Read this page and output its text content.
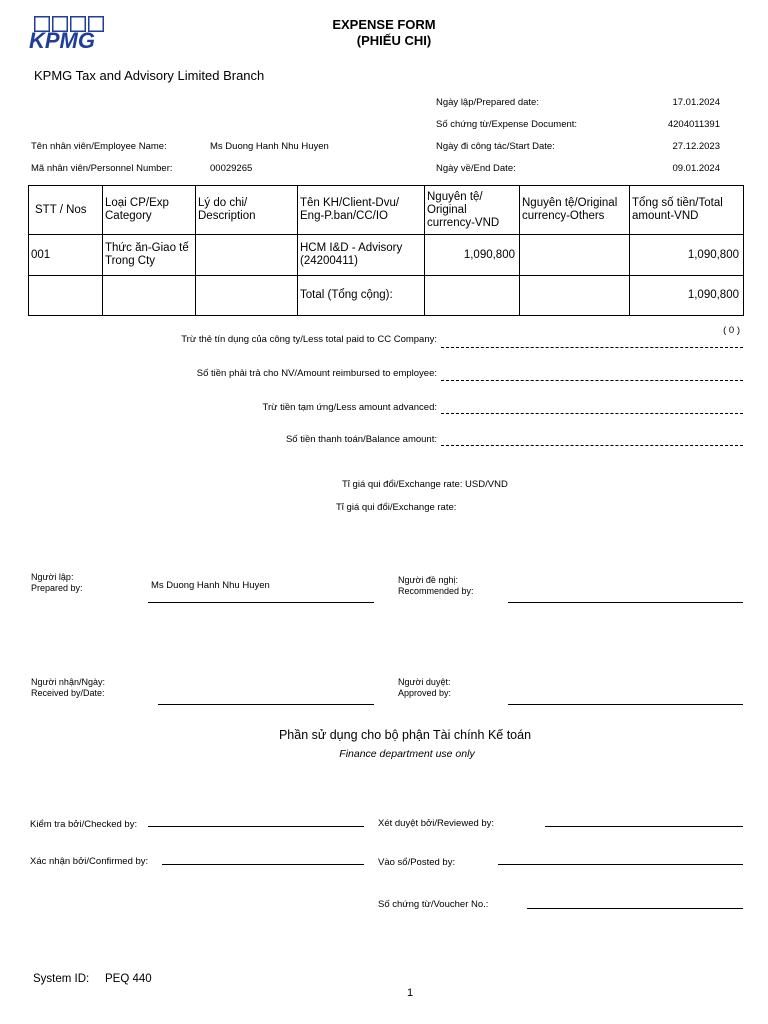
KPMG
EXPENSE FORM
(PHIẾU CHI)
KPMG Tax and Advisory Limited Branch
Ngày lập/Prepared date:	17.01.2024
Số chứng từ/Expense Document:	4204011391
Tên nhân viên/Employee Name:	Ms Duong Hanh Nhu Huyen	Ngày đi công tác/Start Date:	27.12.2023
Mã nhân viên/Personnel Number:	00029265	Ngày về/End Date:	09.01.2024
STT / Nos	Loại CP/Exp Category	Lý do chi/ Description	Tên KH/Client-Dvu/ Eng-P.ban/CC/IO	Nguyên tệ/ Original currency-VND	Nguyên tệ/Original currency-Others	Tổng số tiền/Total amount-VND
001	Thức ăn-Giao tế Trong Cty		HCM I&D - Advisory (24200411)	1,090,800		1,090,800
			Total (Tổng cộng):			1,090,800
Trừ thẻ tín dụng của công ty/Less total paid to CC Company:
( 0 )
Số tiền phải trả cho NV/Amount reimbursed to employee:
Trừ tiền tạm ứng/Less amount advanced:
Số tiền thanh toán/Balance amount:
Tỉ giá qui đổi/Exchange rate: USD/VND
Tỉ giá qui đổi/Exchange rate:
Người lập:
Prepared by:	Ms Duong Hanh Nhu Huyen	Người đề nghị:
Recommended by:
Người nhận/Ngày:
Received by/Date:
Người duyệt:
Approved by:
Phần sử dụng cho bộ phận Tài chính Kế toán
Finance department use only
Kiểm tra bởi/Checked by:	Xét duyệt bởi/Reviewed by:
Xác nhận bởi/Confirmed by:	Vào sổ/Posted by:
Số chứng từ/Voucher No.:
System ID: PEQ 440
1
